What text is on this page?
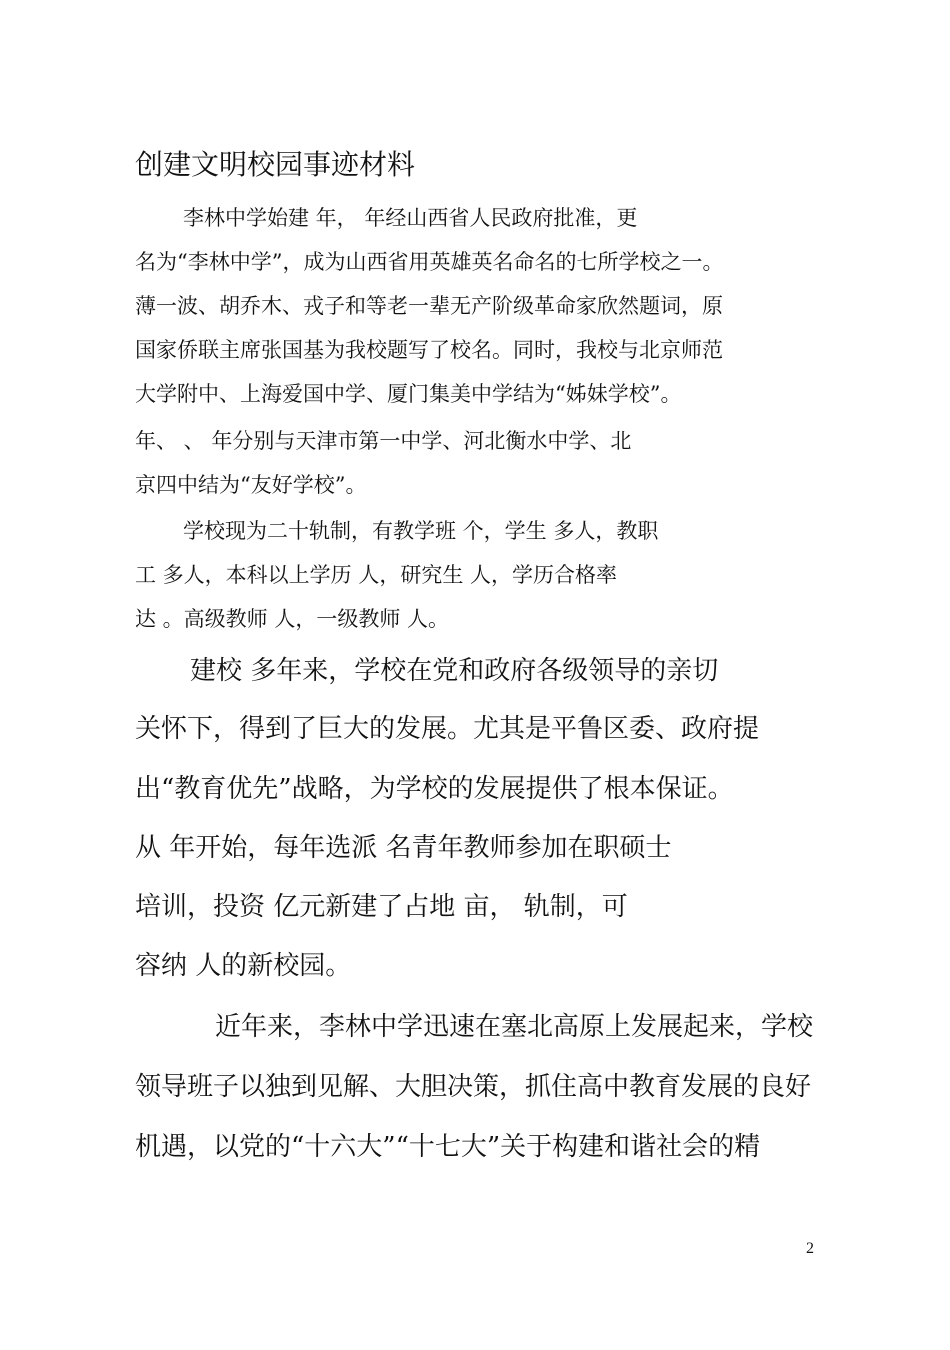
创建文明校园事迹材料

李林中学始建 年， 年经山西省人民政府批准，更

名为“李林中学”，成为山西省用英雄英名命名的七所学校之一。

薄一波、胡乔木、戎子和等老一辈无产阶级革命家欣然题词，原

国家侨联主席张国基为我校题写了校名。同时，我校与北京师范

大学附中、上海爱国中学、厦门集美中学结为“姊妹学校”。

年、 、 年分别与天津市第一中学、河北衡水中学、北

京四中结为“友好学校”。

学校现为二十轨制，有教学班 个，学生 多人，教职

工 多人，本科以上学历 人，研究生 人，学历合格率

达 。高级教师 人，一级教师 人。

建校 多年来，学校在党和政府各级领导的亲切

关怀下，得到了巨大的发展。尤其是平鲁区委、政府提

出“教育优先”战略，为学校的发展提供了根本保证。

从 年开始，每年选派 名青年教师参加在职硕士

培训，投资 亿元新建了占地 亩， 轨制，可

容纳 人的新校园。

近年来，李林中学迅速在塞北高原上发展起来，学校

领导班子以独到见解、大胆决策，抓住高中教育发展的良好

机遇，以党的“十六大”“十七大”关于构建和谐社会的精

2
